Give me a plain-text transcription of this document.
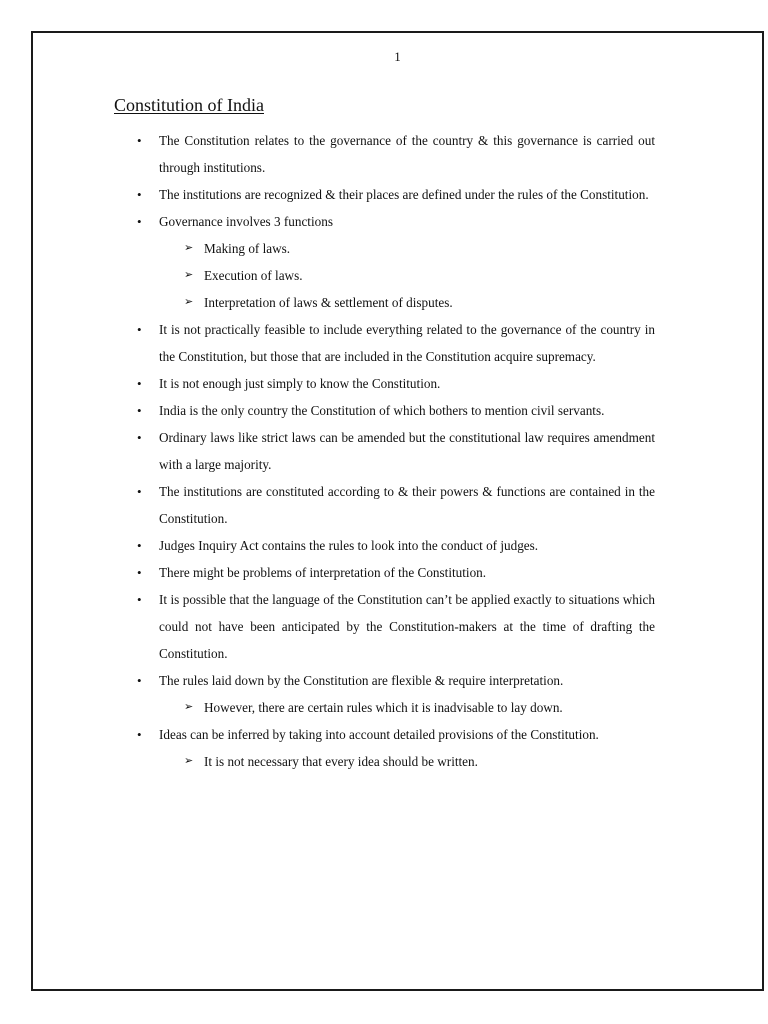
1
Constitution of India
• The Constitution relates to the governance of the country & this governance is carried out through institutions.
• The institutions are recognized & their places are defined under the rules of the Constitution.
• Governance involves 3 functions
➢ Making of laws.
➢ Execution of laws.
➢ Interpretation of laws & settlement of disputes.
• It is not practically feasible to include everything related to the governance of the country in the Constitution, but those that are included in the Constitution acquire supremacy.
• It is not enough just simply to know the Constitution.
• India is the only country the Constitution of which bothers to mention civil servants.
• Ordinary laws like strict laws can be amended but the constitutional law requires amendment with a large majority.
• The institutions are constituted according to & their powers & functions are contained in the Constitution.
• Judges Inquiry Act contains the rules to look into the conduct of judges.
• There might be problems of interpretation of the Constitution.
• It is possible that the language of the Constitution can’t be applied exactly to situations which could not have been anticipated by the Constitution-makers at the time of drafting the Constitution.
• The rules laid down by the Constitution are flexible & require interpretation.
➢ However, there are certain rules which it is inadvisable to lay down.
• Ideas can be inferred by taking into account detailed provisions of the Constitution.
➢ It is not necessary that every idea should be written.
